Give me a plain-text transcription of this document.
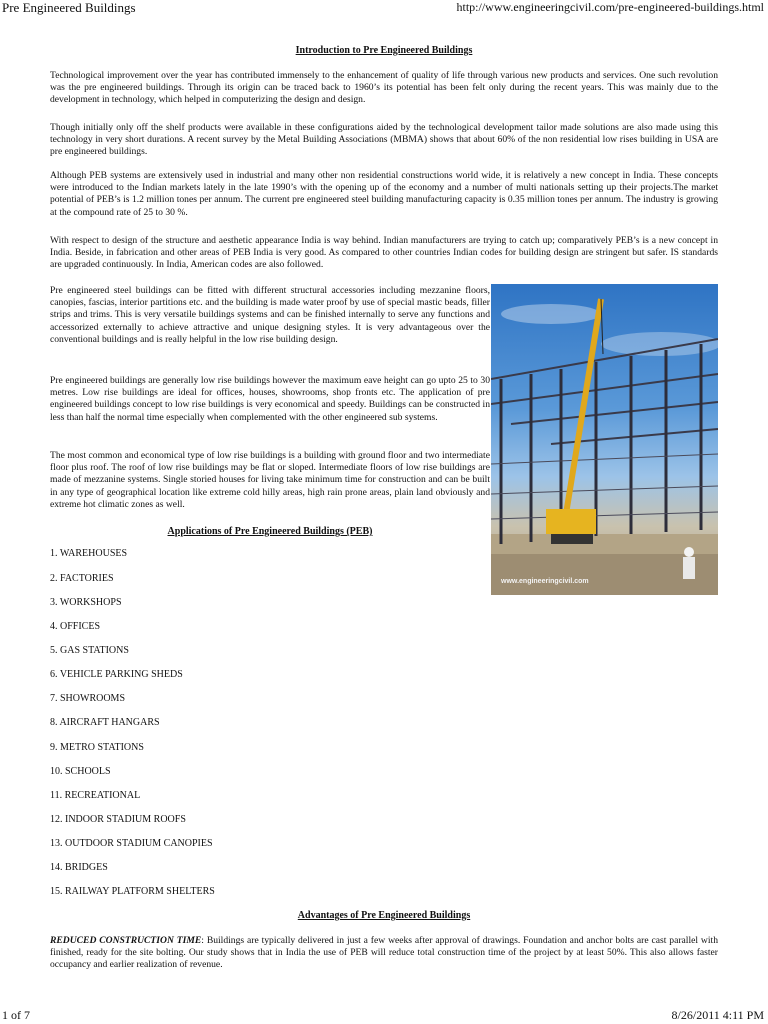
Pre Engineered Buildings	http://www.engineeringcivil.com/pre-engineered-buildings.html
Introduction to Pre Engineered Buildings

Technological improvement over the year has contributed immensely to the enhancement of quality of life through various new products and services. One such revolution was the pre engineered buildings. Through its origin can be traced back to 1960’s its potential has been felt only during the recent years. This was mainly due to the development in technology, which helped in computerizing the design and design.

Though initially only off the shelf products were available in these configurations aided by the technological development tailor made solutions are also made using this technology in very short durations. A recent survey by the Metal Building Associations (MBMA) shows that about 60% of the non residential low rises building in USA are pre engineered buildings.

Although PEB systems are extensively used in industrial and many other non residential constructions world wide, it is relatively a new concept in India. These concepts were introduced to the Indian markets lately in the late 1990’s with the opening up of the economy and a number of multi nationals setting up their projects.The market potential of PEB’s is 1.2 million tones per annum. The current pre engineered steel building manufacturing capacity is 0.35 million tones per annum. The industry is growing at the compound rate of 25 to 30 %.

With respect to design of the structure and aesthetic appearance India is way behind. Indian manufacturers are trying to catch up; comparatively PEB’s is a new concept in India. Beside, in fabrication and other areas of PEB India is very good. As compared to other countries Indian codes for building design are stringent but safer. IS standards are upgraded continuously. In India, American codes are also followed.

Pre engineered steel buildings can be fitted with different structural accessories including mezzanine floors, canopies, fascias, interior partitions etc. and the building is made water proof by use of special mastic beads, filler strips and trims. This is very versatile buildings systems and can be finished internally to serve any functions and accessorized externally to achieve attractive and unique designing styles. It is very advantageous over the conventional buildings and is really helpful in the low rise building design.

Pre engineered buildings are generally low rise buildings however the maximum eave height can go upto 25 to 30 metres. Low rise buildings are ideal for offices, houses, showrooms, shop fronts etc. The application of pre engineered buildings concept to low rise buildings is very economical and speedy. Buildings can be constructed in less than half the normal time especially when complemented with the other engineered sub systems.

The most common and economical type of low rise buildings is a building with ground floor and two intermediate floor plus roof. The roof of low rise buildings may be flat or sloped. Intermediate floors of low rise buildings are made of mezzanine systems. Single storied houses for living take minimum time for construction and can be built in any type of geographical location like extreme cold hilly areas, high rain prone areas, plain land obviously and extreme hot climatic zones as well.

www.engineeringcivil.com
Applications of Pre Engineered Buildings (PEB)
1. WAREHOUSES
2. FACTORIES
3. WORKSHOPS
4. OFFICES
5. GAS STATIONS
6. VEHICLE PARKING SHEDS
7. SHOWROOMS
8. AIRCRAFT HANGARS
9. METRO STATIONS
10. SCHOOLS
11. RECREATIONAL
12. INDOOR STADIUM ROOFS
13. OUTDOOR STADIUM CANOPIES
14. BRIDGES
15. RAILWAY PLATFORM SHELTERS
Advantages of Pre Engineered Buildings

REDUCED CONSTRUCTION TIME: Buildings are typically delivered in just a few weeks after approval of drawings. Foundation and anchor bolts are cast parallel with finished, ready for the site bolting. Our study shows that in India the use of PEB will reduce total construction time of the project by at least 50%. This also allows faster occupancy and earlier realization of revenue.

1 of 7	8/26/2011 4:11 PM
